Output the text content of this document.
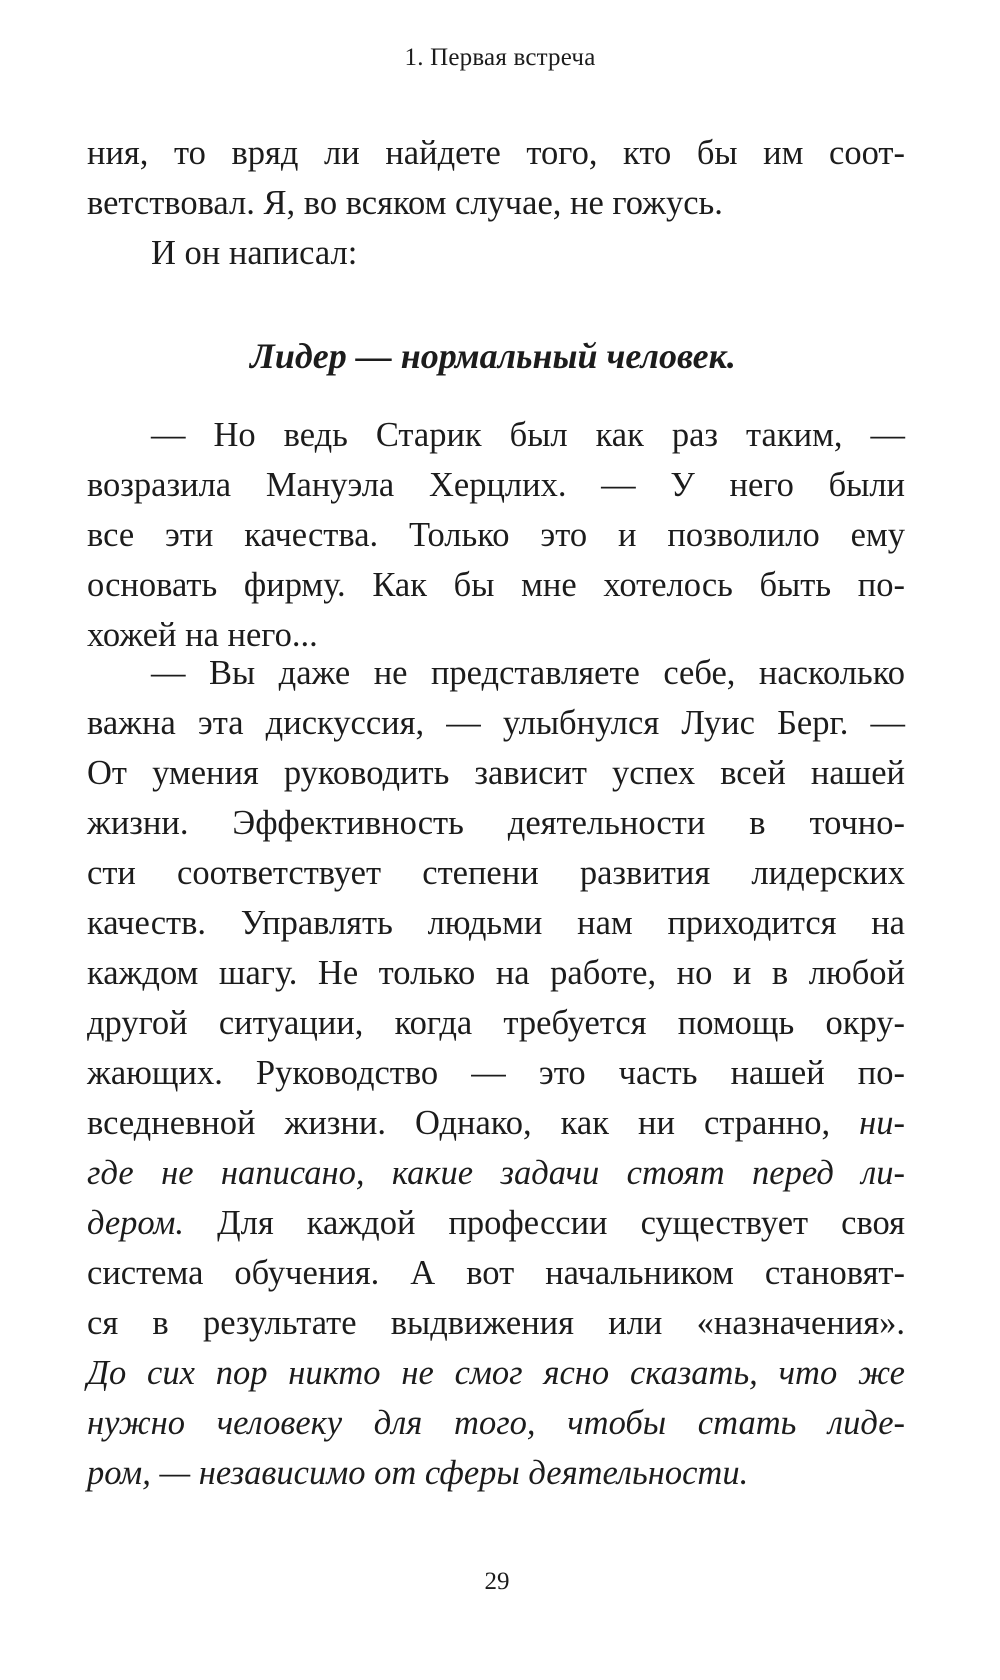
1. Первая встреча
ния, то вряд ли найдете того, кто бы им соот-
ветствовал. Я, во всяком случае, не гожусь.
И он написал:
Лидер — нормальный человек.
— Но ведь Старик был как раз таким, —
возразила Мануэла Херцлих. — У него были
все эти качества. Только это и позволило ему
основать фирму. Как бы мне хотелось быть по-
хожей на него...
— Вы даже не представляете себе, насколько
важна эта дискуссия, — улыбнулся Луис Берг. —
От умения руководить зависит успех всей нашей
жизни. Эффективность деятельности в точно-
сти соответствует степени развития лидерских
качеств. Управлять людьми нам приходится на
каждом шагу. Не только на работе, но и в любой
другой ситуации, когда требуется помощь окру-
жающих. Руководство — это часть нашей по-
вседневной жизни. Однако, как ни странно, ни-
где не написано, какие задачи стоят перед ли-
дером. Для каждой профессии существует своя
система обучения. А вот начальником становят-
ся в результате выдвижения или «назначения».
До сих пор никто не смог ясно сказать, что же
нужно человеку для того, чтобы стать лиде-
ром, — независимо от сферы деятельности.
29
